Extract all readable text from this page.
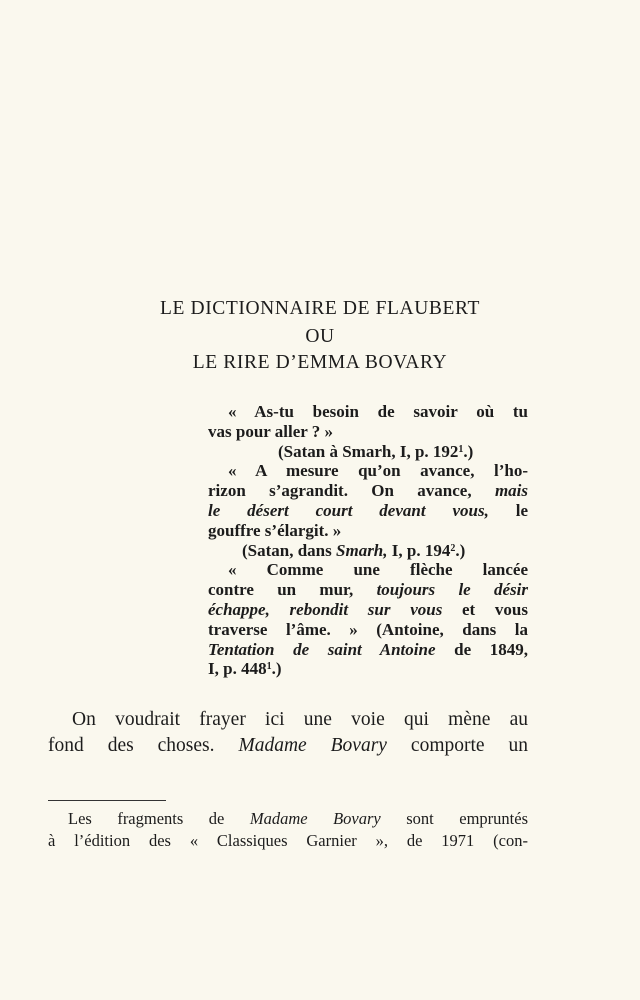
LE DICTIONNAIRE DE FLAUBERT
OU
LE RIRE D’EMMA BOVARY
« As-tu besoin de savoir où tu
vas pour aller ? »
(Satan à Smarh, I, p. $192^1$.)
« A mesure qu’on avance, l’ho-
rizon s’agrandit. On avance, mais
le désert court devant vous, le
gouffre s’élargit. »
(Satan, dans Smarh, I, p. $194^2$.)
« Comme une flèche lancée
contre un mur, toujours le désir
échappe, rebondit sur vous et vous
traverse l’âme. » (Antoine, dans la
Tentation de saint Antoine de 1849,
I, p. $448^1$.)
On voudrait frayer ici une voie qui mène au
fond des choses. Madame Bovary comporte un
Les fragments de Madame Bovary sont empruntés
à l’édition des « Classiques Garnier », de 1971 (con-
